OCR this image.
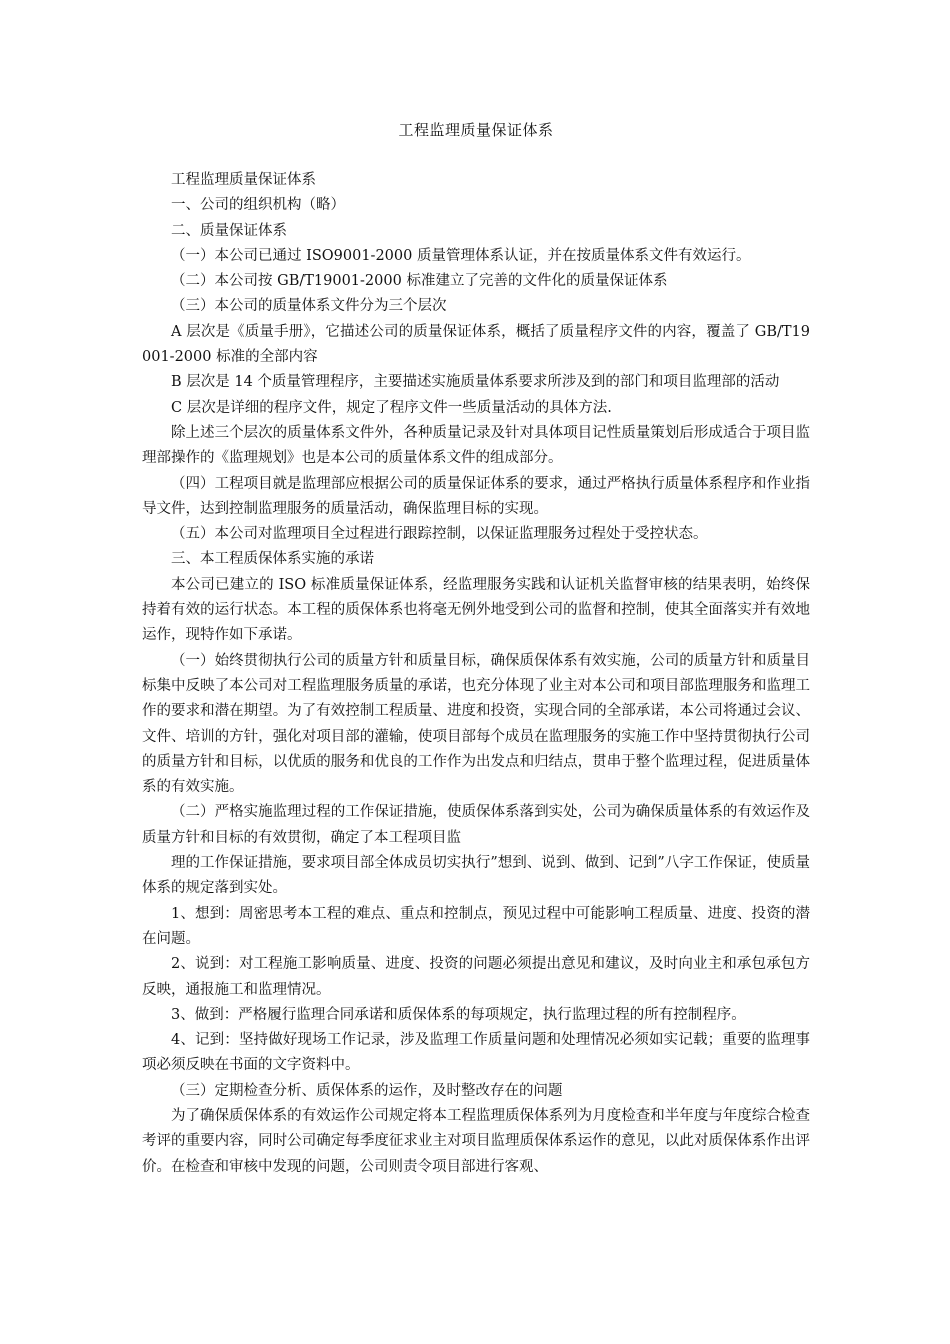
工程监理质量保证体系

工程监理质量保证体系

一、公司的组织机构（略）

二、质量保证体系

（一）本公司已通过 ISO9001-2000 质量管理体系认证，并在按质量体系文件有效运行。

（二）本公司按 GB/T19001-2000 标准建立了完善的文件化的质量保证体系

（三）本公司的质量体系文件分为三个层次

A 层次是《质量手册》，它描述公司的质量保证体系，概括了质量程序文件的内容，覆盖了 GB/T19001-2000 标准的全部内容

B 层次是 14 个质量管理程序，主要描述实施质量体系要求所涉及到的部门和项目监理部的活动

C 层次是详细的程序文件，规定了程序文件一些质量活动的具体方法.

除上述三个层次的质量体系文件外，各种质量记录及针对具体项目记性质量策划后形成适合于项目监理部操作的《监理规划》也是本公司的质量体系文件的组成部分。

（四）工程项目就是监理部应根据公司的质量保证体系的要求，通过严格执行质量体系程序和作业指导文件，达到控制监理服务的质量活动，确保监理目标的实现。

（五）本公司对监理项目全过程进行跟踪控制，以保证监理服务过程处于受控状态。

三、本工程质保体系实施的承诺

本公司已建立的 ISO 标准质量保证体系，经监理服务实践和认证机关监督审核的结果表明，始终保持着有效的运行状态。本工程的质保体系也将毫无例外地受到公司的监督和控制，使其全面落实并有效地运作，现特作如下承诺。

（一）始终贯彻执行公司的质量方针和质量目标，确保质保体系有效实施，公司的质量方针和质量目标集中反映了本公司对工程监理服务质量的承诺，也充分体现了业主对本公司和项目部监理服务和监理工作的要求和潜在期望。为了有效控制工程质量、进度和投资，实现合同的全部承诺，本公司将通过会议、文件、培训的方针，强化对项目部的灌输，使项目部每个成员在监理服务的实施工作中坚持贯彻执行公司的质量方针和目标，以优质的服务和优良的工作作为出发点和归结点，贯串于整个监理过程，促进质量体系的有效实施。

（二）严格实施监理过程的工作保证措施，使质保体系落到实处，公司为确保质量体系的有效运作及质量方针和目标的有效贯彻，确定了本工程项目监

理的工作保证措施，要求项目部全体成员切实执行”想到、说到、做到、记到”八字工作保证，使质量体系的规定落到实处。

1、想到：周密思考本工程的难点、重点和控制点，预见过程中可能影响工程质量、进度、投资的潜在问题。

2、说到：对工程施工影响质量、进度、投资的问题必须提出意见和建议，及时向业主和承包承包方反映，通报施工和监理情况。

3、做到：严格履行监理合同承诺和质保体系的每项规定，执行监理过程的所有控制程序。

4、记到：坚持做好现场工作记录，涉及监理工作质量问题和处理情况必须如实记载；重要的监理事项必须反映在书面的文字资料中。

（三）定期检查分析、质保体系的运作，及时整改存在的问题

为了确保质保体系的有效运作公司规定将本工程监理质保体系列为月度检查和半年度与年度综合检查考评的重要内容，同时公司确定每季度征求业主对项目监理质保体系运作的意见，以此对质保体系作出评价。在检查和审核中发现的问题，公司则责令项目部进行客观、
